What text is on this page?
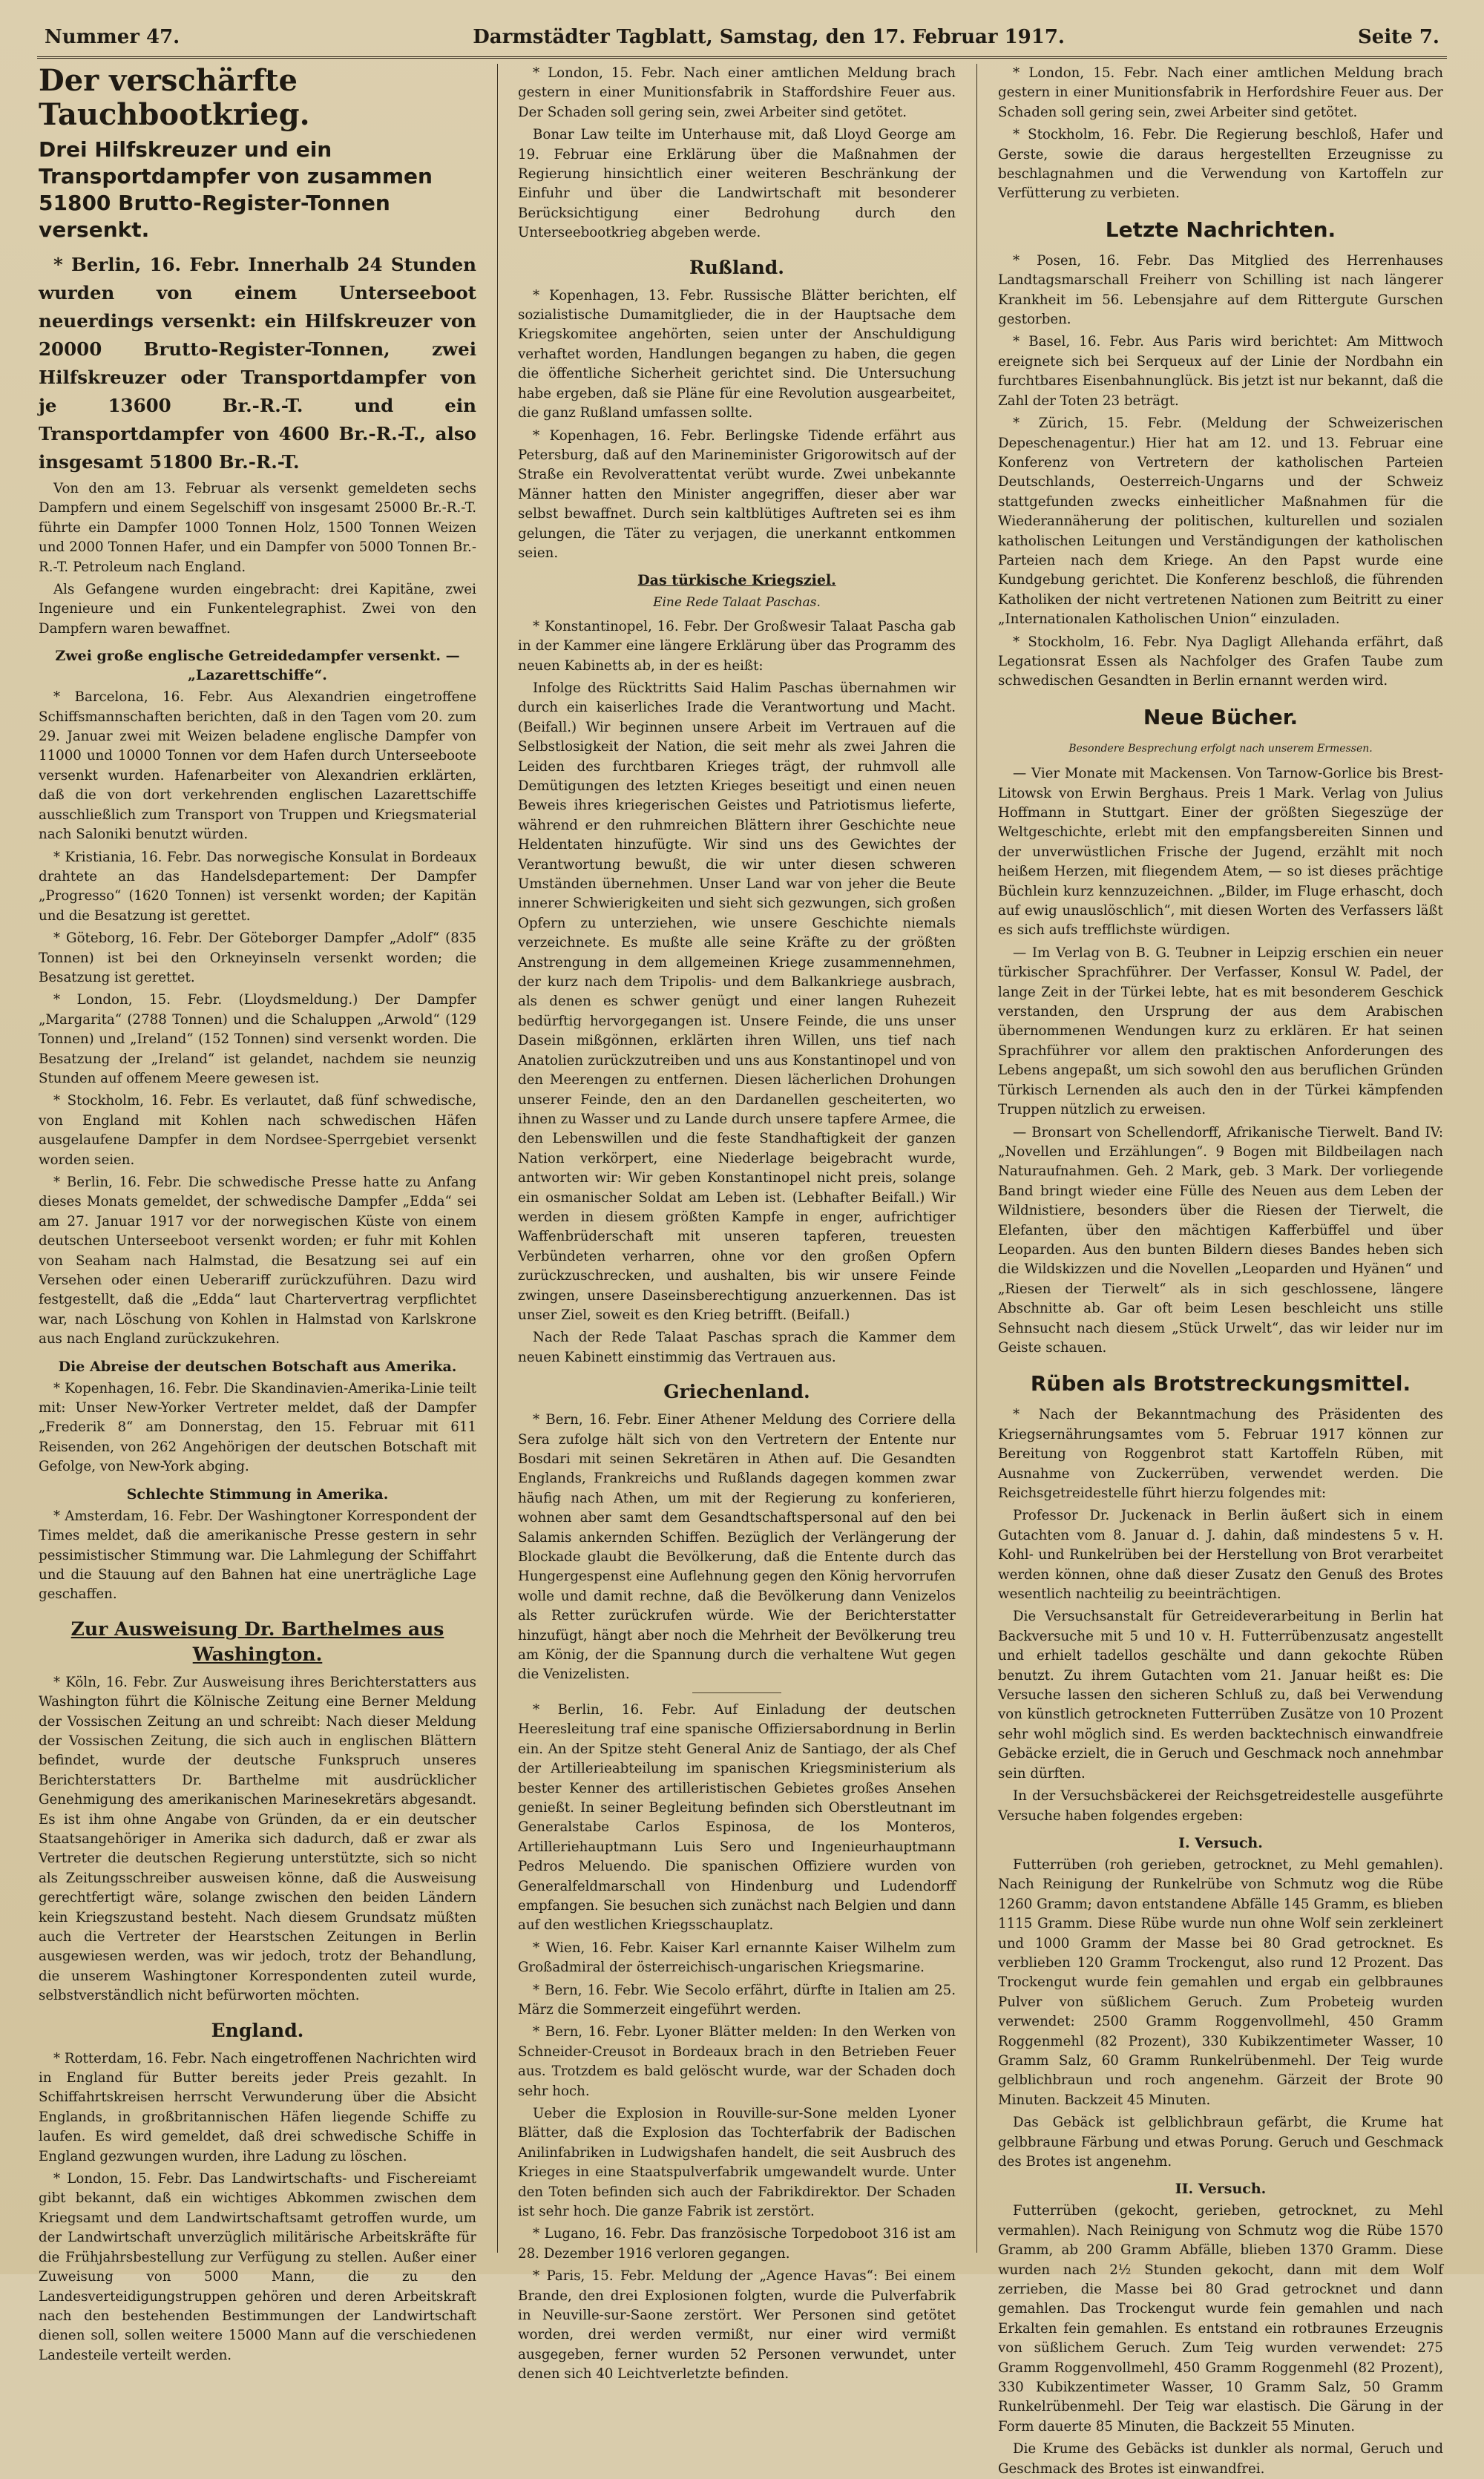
Nummer 47.	Darmstädter Tagblatt, Samstag, den 17. Februar 1917.	Seite 7.
Der verschärfte Tauchbootkrieg.
Drei Hilfskreuzer und ein Transportdampfer von zusammen 51800 Brutto-Register-Tonnen versenkt.

* Berlin, 16. Febr. Innerhalb 24 Stunden wurden von einem Unterseeboot neuerdings versenkt: ein Hilfskreuzer von 20000 Brutto-Register-Tonnen, zwei Hilfskreuzer oder Transportdampfer von je 13600 Br.-R.-T. und ein Transportdampfer von 4600 Br.-R.-T., also insgesamt 51800 Br.-R.-T.

Von den am 13. Februar als versenkt gemeldeten sechs Dampfern und einem Segelschiff von insgesamt 25000 Br.-R.-T. führte ein Dampfer 1000 Tonnen Holz, 1500 Tonnen Weizen und 2000 Tonnen Hafer, und ein Dampfer von 5000 Tonnen Br.-R.-T. Petroleum nach England.

Als Gefangene wurden eingebracht: drei Kapitäne, zwei Ingenieure und ein Funkentelegraphist. Zwei von den Dampfern waren bewaffnet.

Zwei große englische Getreidedampfer versenkt. — „Lazarettschiffe“.

* Barcelona, 16. Febr. Aus Alexandrien eingetroffene Schiffsmannschaften berichten, daß in den Tagen vom 20. zum 29. Januar zwei mit Weizen beladene englische Dampfer von 11000 und 10000 Tonnen vor dem Hafen durch Unterseeboote versenkt wurden. Hafenarbeiter von Alexandrien erklärten, daß die von dort verkehrenden englischen Lazarettschiffe ausschließlich zum Transport von Truppen und Kriegsmaterial nach Saloniki benutzt würden.

* Kristiania, 16. Febr. Das norwegische Konsulat in Bordeaux drahtete an das Handelsdepartement: Der Dampfer „Progresso“ (1620 Tonnen) ist versenkt worden; der Kapitän und die Besatzung ist gerettet.

* Göteborg, 16. Febr. Der Göteborger Dampfer „Adolf“ (835 Tonnen) ist bei den Orkneyinseln versenkt worden; die Besatzung ist gerettet.

* London, 15. Febr. (Lloydsmeldung.) Der Dampfer „Margarita“ (2788 Tonnen) und die Schaluppen „Arwold“ (129 Tonnen) und „Ireland“ (152 Tonnen) sind versenkt worden. Die Besatzung der „Ireland“ ist gelandet, nachdem sie neunzig Stunden auf offenem Meere gewesen ist.

* Stockholm, 16. Febr. Es verlautet, daß fünf schwedische, von England mit Kohlen nach schwedischen Häfen ausgelaufene Dampfer in dem Nordsee-Sperrgebiet versenkt worden seien.

* Berlin, 16. Febr. Die schwedische Presse hatte zu Anfang dieses Monats gemeldet, der schwedische Dampfer „Edda“ sei am 27. Januar 1917 vor der norwegischen Küste von einem deutschen Unterseeboot versenkt worden; er fuhr mit Kohlen von Seaham nach Halmstad, die Besatzung sei auf ein Versehen oder einen Ueberariff zurückzuführen. Dazu wird festgestellt, daß die „Edda“ laut Chartervertrag verpflichtet war, nach Löschung von Kohlen in Halmstad von Karlskrone aus nach England zurückzukehren.

Die Abreise der deutschen Botschaft aus Amerika.

* Kopenhagen, 16. Febr. Die Skandinavien-Amerika-Linie teilt mit: Unser New-Yorker Vertreter meldet, daß der Dampfer „Frederik 8“ am Donnerstag, den 15. Februar mit 611 Reisenden, von 262 Angehörigen der deutschen Botschaft mit Gefolge, von New-York abging.

Schlechte Stimmung in Amerika.

* Amsterdam, 16. Febr. Der Washingtoner Korrespondent der Times meldet, daß die amerikanische Presse gestern in sehr pessimistischer Stimmung war. Die Lahmlegung der Schiffahrt und die Stauung auf den Bahnen hat eine unerträgliche Lage geschaffen.

Zur Ausweisung Dr. Barthelmes aus Washington.

* Köln, 16. Febr. Zur Ausweisung ihres Berichterstatters aus Washington führt die Kölnische Zeitung eine Berner Meldung der Vossischen Zeitung an und schreibt: Nach dieser Meldung der Vossischen Zeitung, die sich auch in englischen Blättern befindet, wurde der deutsche Funkspruch unseres Berichterstatters Dr. Barthelme mit ausdrücklicher Genehmigung des amerikanischen Marinesekretärs abgesandt. Es ist ihm ohne Angabe von Gründen, da er ein deutscher Staatsangehöriger in Amerika sich dadurch, daß er zwar als Vertreter die deutschen Regierung unterstützte, sich so nicht als Zeitungsschreiber ausweisen könne, daß die Ausweisung gerechtfertigt wäre, solange zwischen den beiden Ländern kein Kriegszustand besteht. Nach diesem Grundsatz müßten auch die Vertreter der Hearstschen Zeitungen in Berlin ausgewiesen werden, was wir jedoch, trotz der Behandlung, die unserem Washingtoner Korrespondenten zuteil wurde, selbstverständlich nicht befürworten möchten.

England.

* Rotterdam, 16. Febr. Nach eingetroffenen Nachrichten wird in England für Butter bereits jeder Preis gezahlt. In Schiffahrtskreisen herrscht Verwunderung über die Absicht Englands, in großbritannischen Häfen liegende Schiffe zu laufen. Es wird gemeldet, daß drei schwedische Schiffe in England gezwungen wurden, ihre Ladung zu löschen.

* London, 15. Febr. Das Landwirtschafts- und Fischereiamt gibt bekannt, daß ein wichtiges Abkommen zwischen dem Kriegsamt und dem Landwirtschaftsamt getroffen wurde, um der Landwirtschaft unverzüglich militärische Arbeitskräfte für die Frühjahrsbestellung zur Verfügung zu stellen. Außer einer Zuweisung von 5000 Mann, die zu den Landesverteidigungstruppen gehören und deren Arbeitskraft nach den bestehenden Bestimmungen der Landwirtschaft dienen soll, sollen weitere 15000 Mann auf die verschiedenen Landesteile verteilt werden.

* London, 15. Febr. Nach einer amtlichen Meldung brach gestern in einer Munitionsfabrik in Staffordshire Feuer aus. Der Schaden soll gering sein, zwei Arbeiter sind getötet.

Bonar Law teilte im Unterhause mit, daß Lloyd George am 19. Februar eine Erklärung über die Maßnahmen der Regierung hinsichtlich einer weiteren Beschränkung der Einfuhr und über die Landwirtschaft mit besonderer Berücksichtigung einer Bedrohung durch den Unterseebootkrieg abgeben werde.

Rußland.

* Kopenhagen, 13. Febr. Russische Blätter berichten, elf sozialistische Dumamitglieder, die in der Hauptsache dem Kriegskomitee angehörten, seien unter der Anschuldigung verhaftet worden, Handlungen begangen zu haben, die gegen die öffentliche Sicherheit gerichtet sind. Die Untersuchung habe ergeben, daß sie Pläne für eine Revolution ausgearbeitet, die ganz Rußland umfassen sollte.

* Kopenhagen, 16. Febr. Berlingske Tidende erfährt aus Petersburg, daß auf den Marineminister Grigorowitsch auf der Straße ein Revolverattentat verübt wurde. Zwei unbekannte Männer hatten den Minister angegriffen, dieser aber war selbst bewaffnet. Durch sein kaltblütiges Auftreten sei es ihm gelungen, die Täter zu verjagen, die unerkannt entkommen seien.

Das türkische Kriegsziel.
Eine Rede Talaat Paschas.

* Konstantinopel, 16. Febr. Der Großwesir Talaat Pascha gab in der Kammer eine längere Erklärung über das Programm des neuen Kabinetts ab, in der es heißt:

Infolge des Rücktritts Said Halim Paschas übernahmen wir durch ein kaiserliches Irade die Verantwortung und Macht. (Beifall.) Wir beginnen unsere Arbeit im Vertrauen auf die Selbstlosigkeit der Nation, die seit mehr als zwei Jahren die Leiden des furchtbaren Krieges trägt, der ruhmvoll alle Demütigungen des letzten Krieges beseitigt und einen neuen Beweis ihres kriegerischen Geistes und Patriotismus lieferte, während er den ruhmreichen Blättern ihrer Geschichte neue Heldentaten hinzufügte. Wir sind uns des Gewichtes der Verantwortung bewußt, die wir unter diesen schweren Umständen übernehmen. Unser Land war von jeher die Beute innerer Schwierigkeiten und sieht sich gezwungen, sich großen Opfern zu unterziehen, wie unsere Geschichte niemals verzeichnete. Es mußte alle seine Kräfte zu der größten Anstrengung in dem allgemeinen Kriege zusammennehmen, der kurz nach dem Tripolis- und dem Balkankriege ausbrach, als denen es schwer genügt und einer langen Ruhezeit bedürftig hervorgegangen ist. Unsere Feinde, die uns unser Dasein mißgönnen, erklärten ihren Willen, uns tief nach Anatolien zurückzutreiben und uns aus Konstantinopel und von den Meerengen zu entfernen. Diesen lächerlichen Drohungen unserer Feinde, den an den Dardanellen gescheiterten, wo ihnen zu Wasser und zu Lande durch unsere tapfere Armee, die den Lebenswillen und die feste Standhaftigkeit der ganzen Nation verkörpert, eine Niederlage beigebracht wurde, antworten wir: Wir geben Konstantinopel nicht preis, solange ein osmanischer Soldat am Leben ist. (Lebhafter Beifall.) Wir werden in diesem größten Kampfe in enger, aufrichtiger Waffenbrüderschaft mit unseren tapferen, treuesten Verbündeten verharren, ohne vor den großen Opfern zurückzuschrecken, und aushalten, bis wir unsere Feinde zwingen, unsere Daseinsberechtigung anzuerkennen. Das ist unser Ziel, soweit es den Krieg betrifft. (Beifall.)

Nach der Rede Talaat Paschas sprach die Kammer dem neuen Kabinett einstimmig das Vertrauen aus.

Griechenland.

* Bern, 16. Febr. Einer Athener Meldung des Corriere della Sera zufolge hält sich von den Vertretern der Entente nur Bosdari mit seinen Sekretären in Athen auf. Die Gesandten Englands, Frankreichs und Rußlands dagegen kommen zwar häufig nach Athen, um mit der Regierung zu konferieren, wohnen aber samt dem Gesandtschaftspersonal auf den bei Salamis ankernden Schiffen. Bezüglich der Verlängerung der Blockade glaubt die Bevölkerung, daß die Entente durch das Hungergespenst eine Auflehnung gegen den König hervorrufen wolle und damit rechne, daß die Bevölkerung dann Venizelos als Retter zurückrufen würde. Wie der Berichterstatter hinzufügt, hängt aber noch die Mehrheit der Bevölkerung treu am König, der die Spannung durch die verhaltene Wut gegen die Venizelisten.

* Berlin, 16. Febr. Auf Einladung der deutschen Heeresleitung traf eine spanische Offiziersabordnung in Berlin ein. An der Spitze steht General Aniz de Santiago, der als Chef der Artillerieabteilung im spanischen Kriegsministerium als bester Kenner des artilleristischen Gebietes großes Ansehen genießt. In seiner Begleitung befinden sich Oberstleutnant im Generalstabe Carlos Espinosa, de los Monteros, Artilleriehauptmann Luis Sero und Ingenieurhauptmann Pedros Meluendo. Die spanischen Offiziere wurden von Generalfeldmarschall von Hindenburg und Ludendorff empfangen. Sie besuchen sich zunächst nach Belgien und dann auf den westlichen Kriegsschauplatz.

* Wien, 16. Febr. Kaiser Karl ernannte Kaiser Wilhelm zum Großadmiral der österreichisch-ungarischen Kriegsmarine.

* Bern, 16. Febr. Wie Secolo erfährt, dürfte in Italien am 25. März die Sommerzeit eingeführt werden.

* Bern, 16. Febr. Lyoner Blätter melden: In den Werken von Schneider-Creusot in Bordeaux brach in den Betrieben Feuer aus. Trotzdem es bald gelöscht wurde, war der Schaden doch sehr hoch.

Ueber die Explosion in Rouville-sur-Sone melden Lyoner Blätter, daß die Explosion das Tochterfabrik der Badischen Anilinfabriken in Ludwigshafen handelt, die seit Ausbruch des Krieges in eine Staatspulverfabrik umgewandelt wurde. Unter den Toten befinden sich auch der Fabrikdirektor. Der Schaden ist sehr hoch. Die ganze Fabrik ist zerstört.

* Lugano, 16. Febr. Das französische Torpedoboot 316 ist am 28. Dezember 1916 verloren gegangen.

* Paris, 15. Febr. Meldung der „Agence Havas“: Bei einem Brande, den drei Explosionen folgten, wurde die Pulverfabrik in Neuville-sur-Saone zerstört. Wer Personen sind getötet worden, drei werden vermißt, nur einer wird vermißt ausgegeben, ferner wurden 52 Personen verwundet, unter denen sich 40 Leichtverletzte befinden.

* London, 15. Febr. Nach einer amtlichen Meldung brach gestern in einer Munitionsfabrik in Herfordshire Feuer aus. Der Schaden soll gering sein, zwei Arbeiter sind getötet.

* Stockholm, 16. Febr. Die Regierung beschloß, Hafer und Gerste, sowie die daraus hergestellten Erzeugnisse zu beschlagnahmen und die Verwendung von Kartoffeln zur Verfütterung zu verbieten.

Letzte Nachrichten.

* Posen, 16. Febr. Das Mitglied des Herrenhauses Landtagsmarschall Freiherr von Schilling ist nach längerer Krankheit im 56. Lebensjahre auf dem Rittergute Gurschen gestorben.

* Basel, 16. Febr. Aus Paris wird berichtet: Am Mittwoch ereignete sich bei Serqueux auf der Linie der Nordbahn ein furchtbares Eisenbahnunglück. Bis jetzt ist nur bekannt, daß die Zahl der Toten 23 beträgt.

* Zürich, 15. Febr. (Meldung der Schweizerischen Depeschenagentur.) Hier hat am 12. und 13. Februar eine Konferenz von Vertretern der katholischen Parteien Deutschlands, Oesterreich-Ungarns und der Schweiz stattgefunden zwecks einheitlicher Maßnahmen für die Wiederannäherung der politischen, kulturellen und sozialen katholischen Leitungen und Verständigungen der katholischen Parteien nach dem Kriege. An den Papst wurde eine Kundgebung gerichtet. Die Konferenz beschloß, die führenden Katholiken der nicht vertretenen Nationen zum Beitritt zu einer „Internationalen Katholischen Union“ einzuladen.

* Stockholm, 16. Febr. Nya Dagligt Allehanda erfährt, daß Legationsrat Essen als Nachfolger des Grafen Taube zum schwedischen Gesandten in Berlin ernannt werden wird.

Neue Bücher.
Besondere Besprechung erfolgt nach unserem Ermessen.

— Vier Monate mit Mackensen. Von Tarnow-Gorlice bis Brest-Litowsk von Erwin Berghaus. Preis 1 Mark. Verlag von Julius Hoffmann in Stuttgart. Einer der größten Siegeszüge der Weltgeschichte, erlebt mit den empfangsbereiten Sinnen und der unverwüstlichen Frische der Jugend, erzählt mit noch heißem Herzen, mit fliegendem Atem, — so ist dieses prächtige Büchlein kurz kennzuzeichnen. „Bilder, im Fluge erhascht, doch auf ewig unauslöschlich“, mit diesen Worten des Verfassers läßt es sich aufs trefflichste würdigen.

— Im Verlag von B. G. Teubner in Leipzig erschien ein neuer türkischer Sprachführer. Der Verfasser, Konsul W. Padel, der lange Zeit in der Türkei lebte, hat es mit besonderem Geschick verstanden, den Ursprung der aus dem Arabischen übernommenen Wendungen kurz zu erklären. Er hat seinen Sprachführer vor allem den praktischen Anforderungen des Lebens angepaßt, um sich sowohl den aus beruflichen Gründen Türkisch Lernenden als auch den in der Türkei kämpfenden Truppen nützlich zu erweisen.

— Bronsart von Schellendorff, Afrikanische Tierwelt. Band IV: „Novellen und Erzählungen“. 9 Bogen mit Bildbeilagen nach Naturaufnahmen. Geh. 2 Mark, geb. 3 Mark. Der vorliegende Band bringt wieder eine Fülle des Neuen aus dem Leben der Wildnistiere, besonders über die Riesen der Tierwelt, die Elefanten, über den mächtigen Kafferbüffel und über Leoparden. Aus den bunten Bildern dieses Bandes heben sich die Wildskizzen und die Novellen „Leoparden und Hyänen“ und „Riesen der Tierwelt“ als in sich geschlossene, längere Abschnitte ab. Gar oft beim Lesen beschleicht uns stille Sehnsucht nach diesem „Stück Urwelt“, das wir leider nur im Geiste schauen.

Rüben als Brotstreckungsmittel.

* Nach der Bekanntmachung des Präsidenten des Kriegsernährungsamtes vom 5. Februar 1917 können zur Bereitung von Roggenbrot statt Kartoffeln Rüben, mit Ausnahme von Zuckerrüben, verwendet werden. Die Reichsgetreidestelle führt hierzu folgendes mit:

Professor Dr. Juckenack in Berlin äußert sich in einem Gutachten vom 8. Januar d. J. dahin, daß mindestens 5 v. H. Kohl- und Runkelrüben bei der Herstellung von Brot verarbeitet werden können, ohne daß dieser Zusatz den Genuß des Brotes wesentlich nachteilig zu beeinträchtigen.

Die Versuchsanstalt für Getreideverarbeitung in Berlin hat Backversuche mit 5 und 10 v. H. Futterrübenzusatz angestellt und erhielt tadellos geschälte und dann gekochte Rüben benutzt. Zu ihrem Gutachten vom 21. Januar heißt es: Die Versuche lassen den sicheren Schluß zu, daß bei Verwendung von künstlich getrockneten Futterrüben Zusätze von 10 Prozent sehr wohl möglich sind. Es werden backtechnisch einwandfreie Gebäcke erzielt, die in Geruch und Geschmack noch annehmbar sein dürften.

In der Versuchsbäckerei der Reichsgetreidestelle ausgeführte Versuche haben folgendes ergeben:

I. Versuch.

Futterrüben (roh gerieben, getrocknet, zu Mehl gemahlen). Nach Reinigung der Runkelrübe von Schmutz wog die Rübe 1260 Gramm; davon entstandene Abfälle 145 Gramm, es blieben 1115 Gramm. Diese Rübe wurde nun ohne Wolf sein zerkleinert und 1000 Gramm der Masse bei 80 Grad getrocknet. Es verblieben 120 Gramm Trockengut, also rund 12 Prozent. Das Trockengut wurde fein gemahlen und ergab ein gelbbraunes Pulver von süßlichem Geruch. Zum Probeteig wurden verwendet: 2500 Gramm Roggenvollmehl, 450 Gramm Roggenmehl (82 Prozent), 330 Kubikzentimeter Wasser, 10 Gramm Salz, 60 Gramm Runkelrübenmehl. Der Teig wurde gelblichbraun und roch angenehm. Gärzeit der Brote 90 Minuten. Backzeit 45 Minuten.

Das Gebäck ist gelblichbraun gefärbt, die Krume hat gelbbraune Färbung und etwas Porung. Geruch und Geschmack des Brotes ist angenehm.

II. Versuch.

Futterrüben (gekocht, gerieben, getrocknet, zu Mehl vermahlen). Nach Reinigung von Schmutz wog die Rübe 1570 Gramm, ab 200 Gramm Abfälle, blieben 1370 Gramm. Diese wurden nach 2½ Stunden gekocht, dann mit dem Wolf zerrieben, die Masse bei 80 Grad getrocknet und dann gemahlen. Das Trockengut wurde fein gemahlen und nach Erkalten fein gemahlen. Es entstand ein rotbraunes Erzeugnis von süßlichem Geruch. Zum Teig wurden verwendet: 275 Gramm Roggenvollmehl, 450 Gramm Roggenmehl (82 Prozent), 330 Kubikzentimeter Wasser, 10 Gramm Salz, 50 Gramm Runkelrübenmehl. Der Teig war elastisch. Die Gärung in der Form dauerte 85 Minuten, die Backzeit 55 Minuten.

Die Krume des Gebäcks ist dunkler als normal, Geruch und Geschmack des Brotes ist einwandfrei.
